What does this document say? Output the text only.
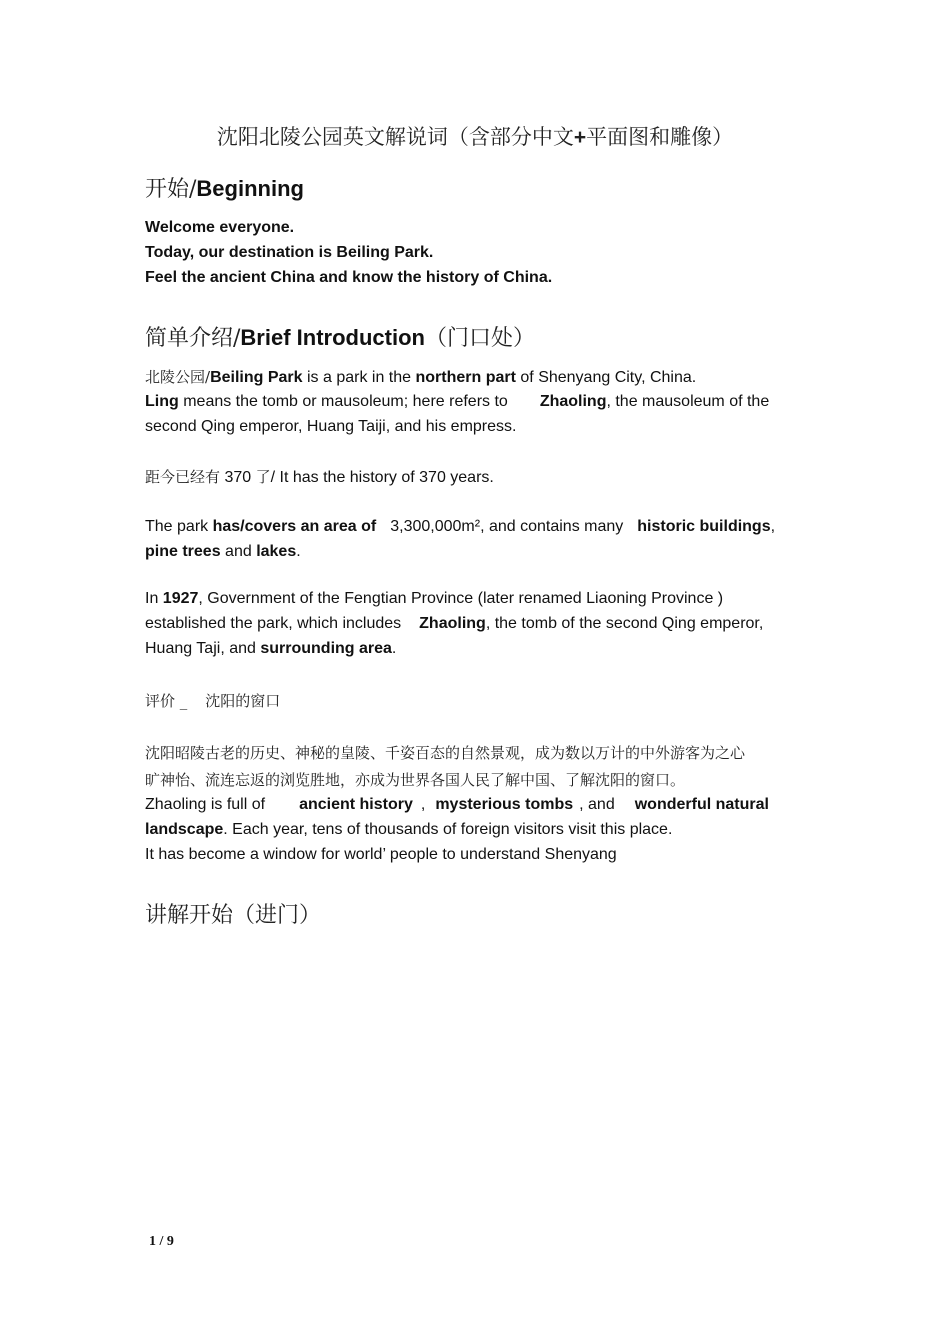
沈阳北陵公园英文解说词（含部分中文+平面图和雕像）
开始/Beginning
Welcome everyone.
Today, our destination is Beiling Park.
Feel the ancient China and know the history of China.
简单介绍/Brief Introduction（门口处）
北陵公园/Beiling Park is a park in the northern part of Shenyang City, China.
Ling means the tomb or mausoleum; here refers to Zhaoling, the mausoleum of the
second Qing emperor, Huang Taiji, and his empress.
距今已经有 370 了/ It has the history of 370 years.
The park has/covers an area of 3,300,000m², and contains many historic buildings,
pine trees and lakes.
In 1927, Government of the Fengtian Province (later renamed Liaoning Province )
established the park, which includes Zhaoling, the tomb of the second Qing emperor,
Huang Taji, and surrounding area.
评价 _ 沈阳的窗口
沈阳昭陵古老的历史、神秘的皇陵、千姿百态的自然景观，成为数以万计的中外游客为之心
旷神怡、流连忘返的浏览胜地，亦成为世界各国人民了解中国、了解沈阳的窗口。
Zhaoling is full of ancient history , mysterious tombs , and wonderful natural
landscape. Each year, tens of thousands of foreign visitors visit this place.
It has become a window for world’ people to understand Shenyang
讲解开始（进门）
1 / 9
